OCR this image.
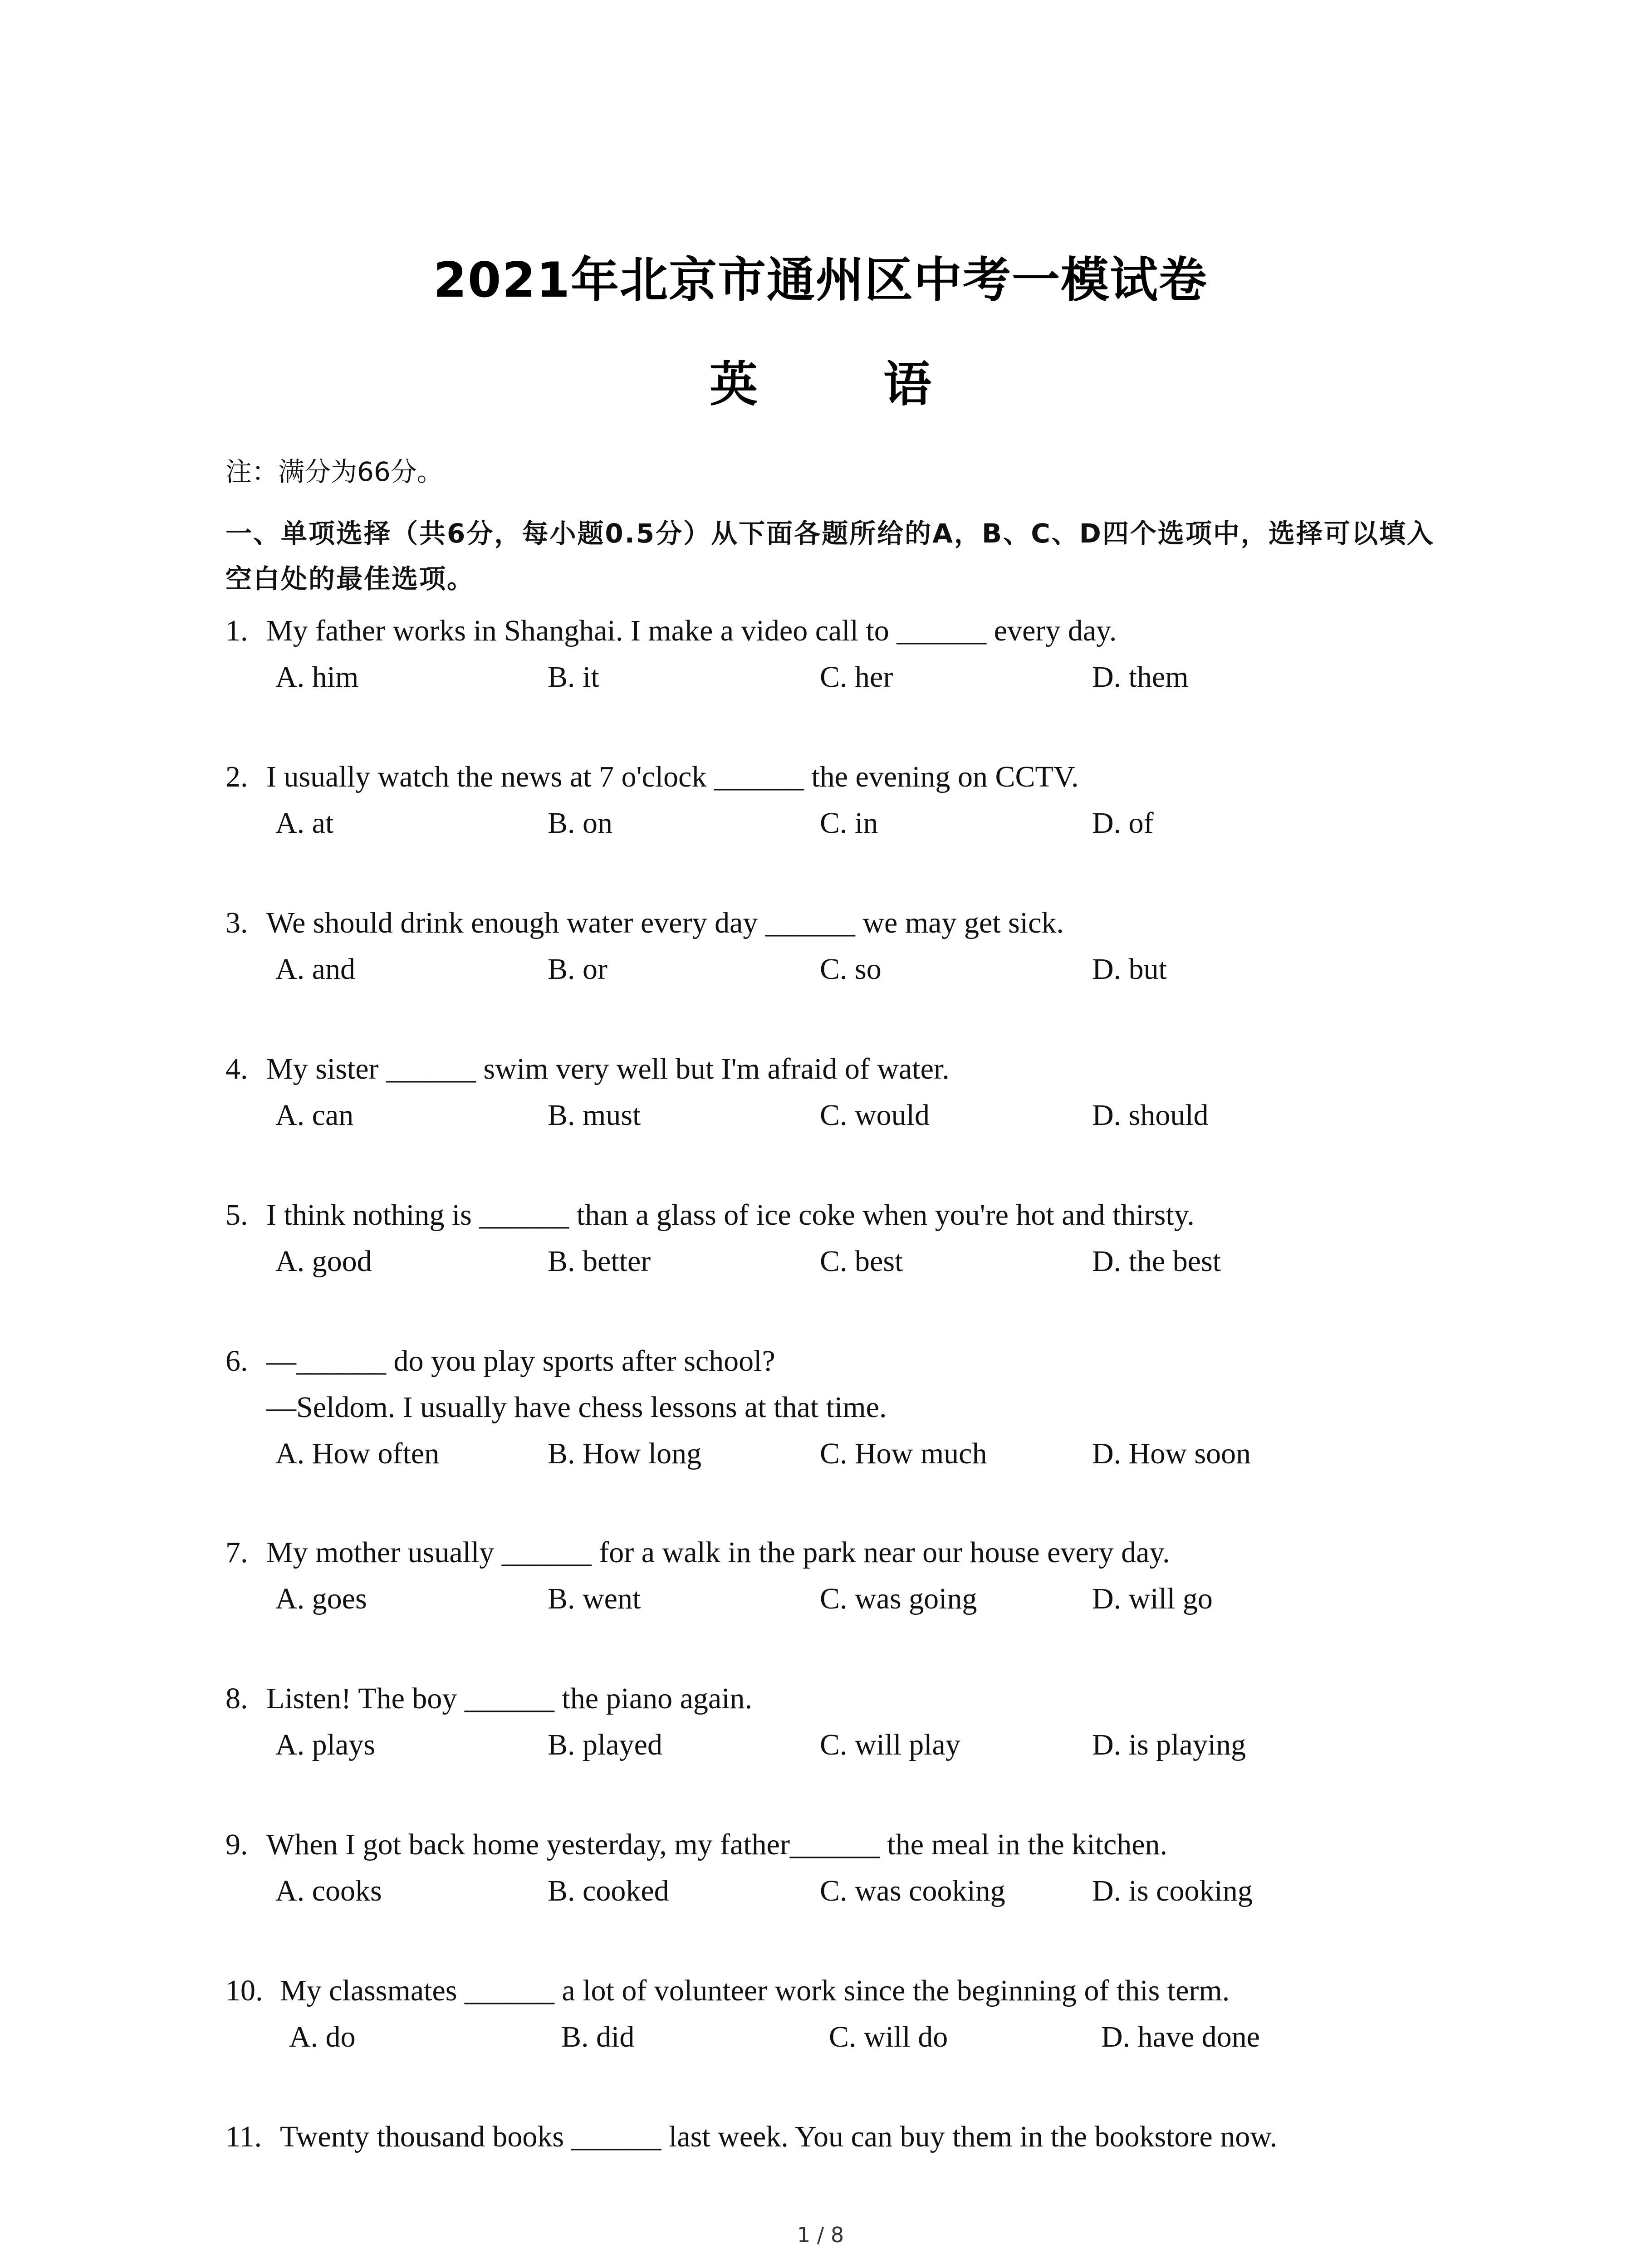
2021年北京市通州区中考一模试卷
英 语
注：满分为66分。
一、单项选择（共6分，每小题0.5分）从下面各题所给的A，B、C、D四个选项中，选择可以填入空白处的最佳选项。
1. My father works in Shanghai. I make a video call to ______ every day.
A. him	B. it	C. her	D. them
2. I usually watch the news at 7 o'clock ______ the evening on CCTV.
A. at	B. on	C. in	D. of
3. We should drink enough water every day ______ we may get sick.
A. and	B. or	C. so	D. but
4. My sister ______ swim very well but I'm afraid of water.
A. can	B. must	C. would	D. should
5. I think nothing is ______ than a glass of ice coke when you're hot and thirsty.
A. good	B. better	C. best	D. the best
6. —______ do you play sports after school?
—Seldom. I usually have chess lessons at that time.
A. How often	B. How long	C. How much	D. How soon
7. My mother usually ______ for a walk in the park near our house every day.
A. goes	B. went	C. was going	D. will go
8. Listen! The boy ______ the piano again.
A. plays	B. played	C. will play	D. is playing
9. When I got back home yesterday, my father______ the meal in the kitchen.
A. cooks	B. cooked	C. was cooking	D. is cooking
10. My classmates ______ a lot of volunteer work since the beginning of this term.
A. do	B. did	C. will do	D. have done
11. Twenty thousand books ______ last week. You can buy them in the bookstore now.
1 / 8
